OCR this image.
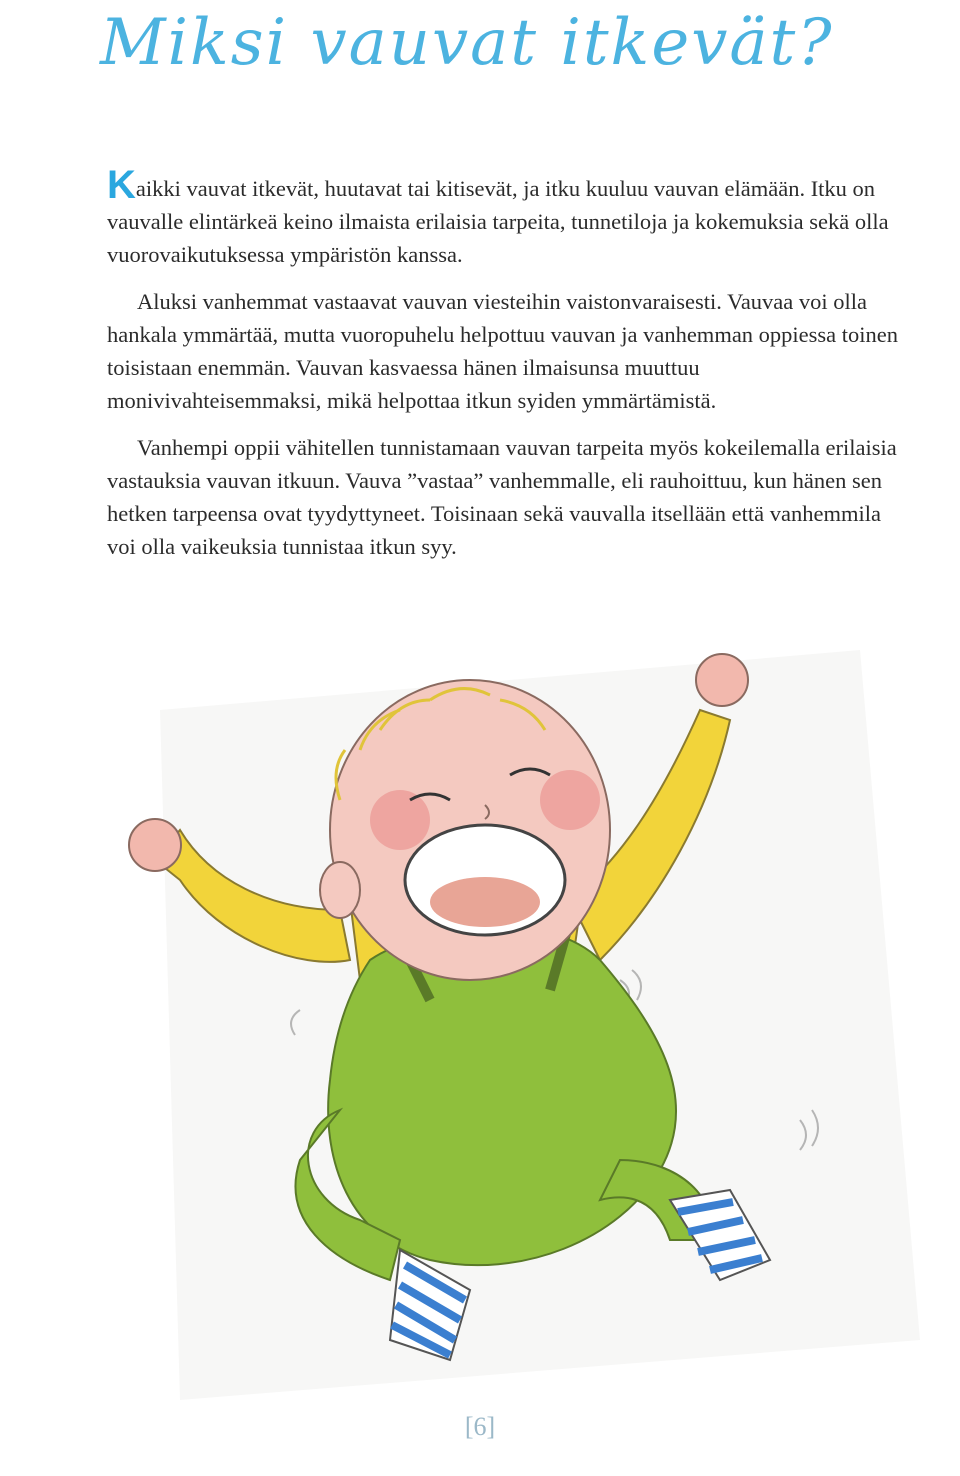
Miksi vauvat itkevät?

Kaikki vauvat itkevät, huutavat tai kitisevät, ja itku kuuluu vauvan elämään. Itku on vauvalle elintärkeä keino ilmaista erilaisia tarpeita, tunnetiloja ja kokemuksia sekä olla vuorovaikutuksessa ympäristön kanssa.

Aluksi vanhemmat vastaavat vauvan viesteihin vaistonvaraisesti. Vauvaa voi olla hankala ymmärtää, mutta vuoropuhelu helpottuu vauvan ja vanhemman oppiessa toinen toisistaan enemmän. Vauvan kasvaessa hänen ilmaisunsa muuttuu monivivahteisemmaksi, mikä helpottaa itkun syiden ymmärtämistä.

Vanhempi oppii vähitellen tunnistamaan vauvan tarpeita myös kokeilemalla erilaisia vastauksia vauvan itkuun. Vauva ”vastaa” vanhemmalle, eli rauhoittuu, kun hänen sen hetken tarpeensa ovat tyydyttyneet. Toisinaan sekä vauvalla itsellään että vanhemmila voi olla vaikeuksia tunnistaa itkun syy.

[6]
